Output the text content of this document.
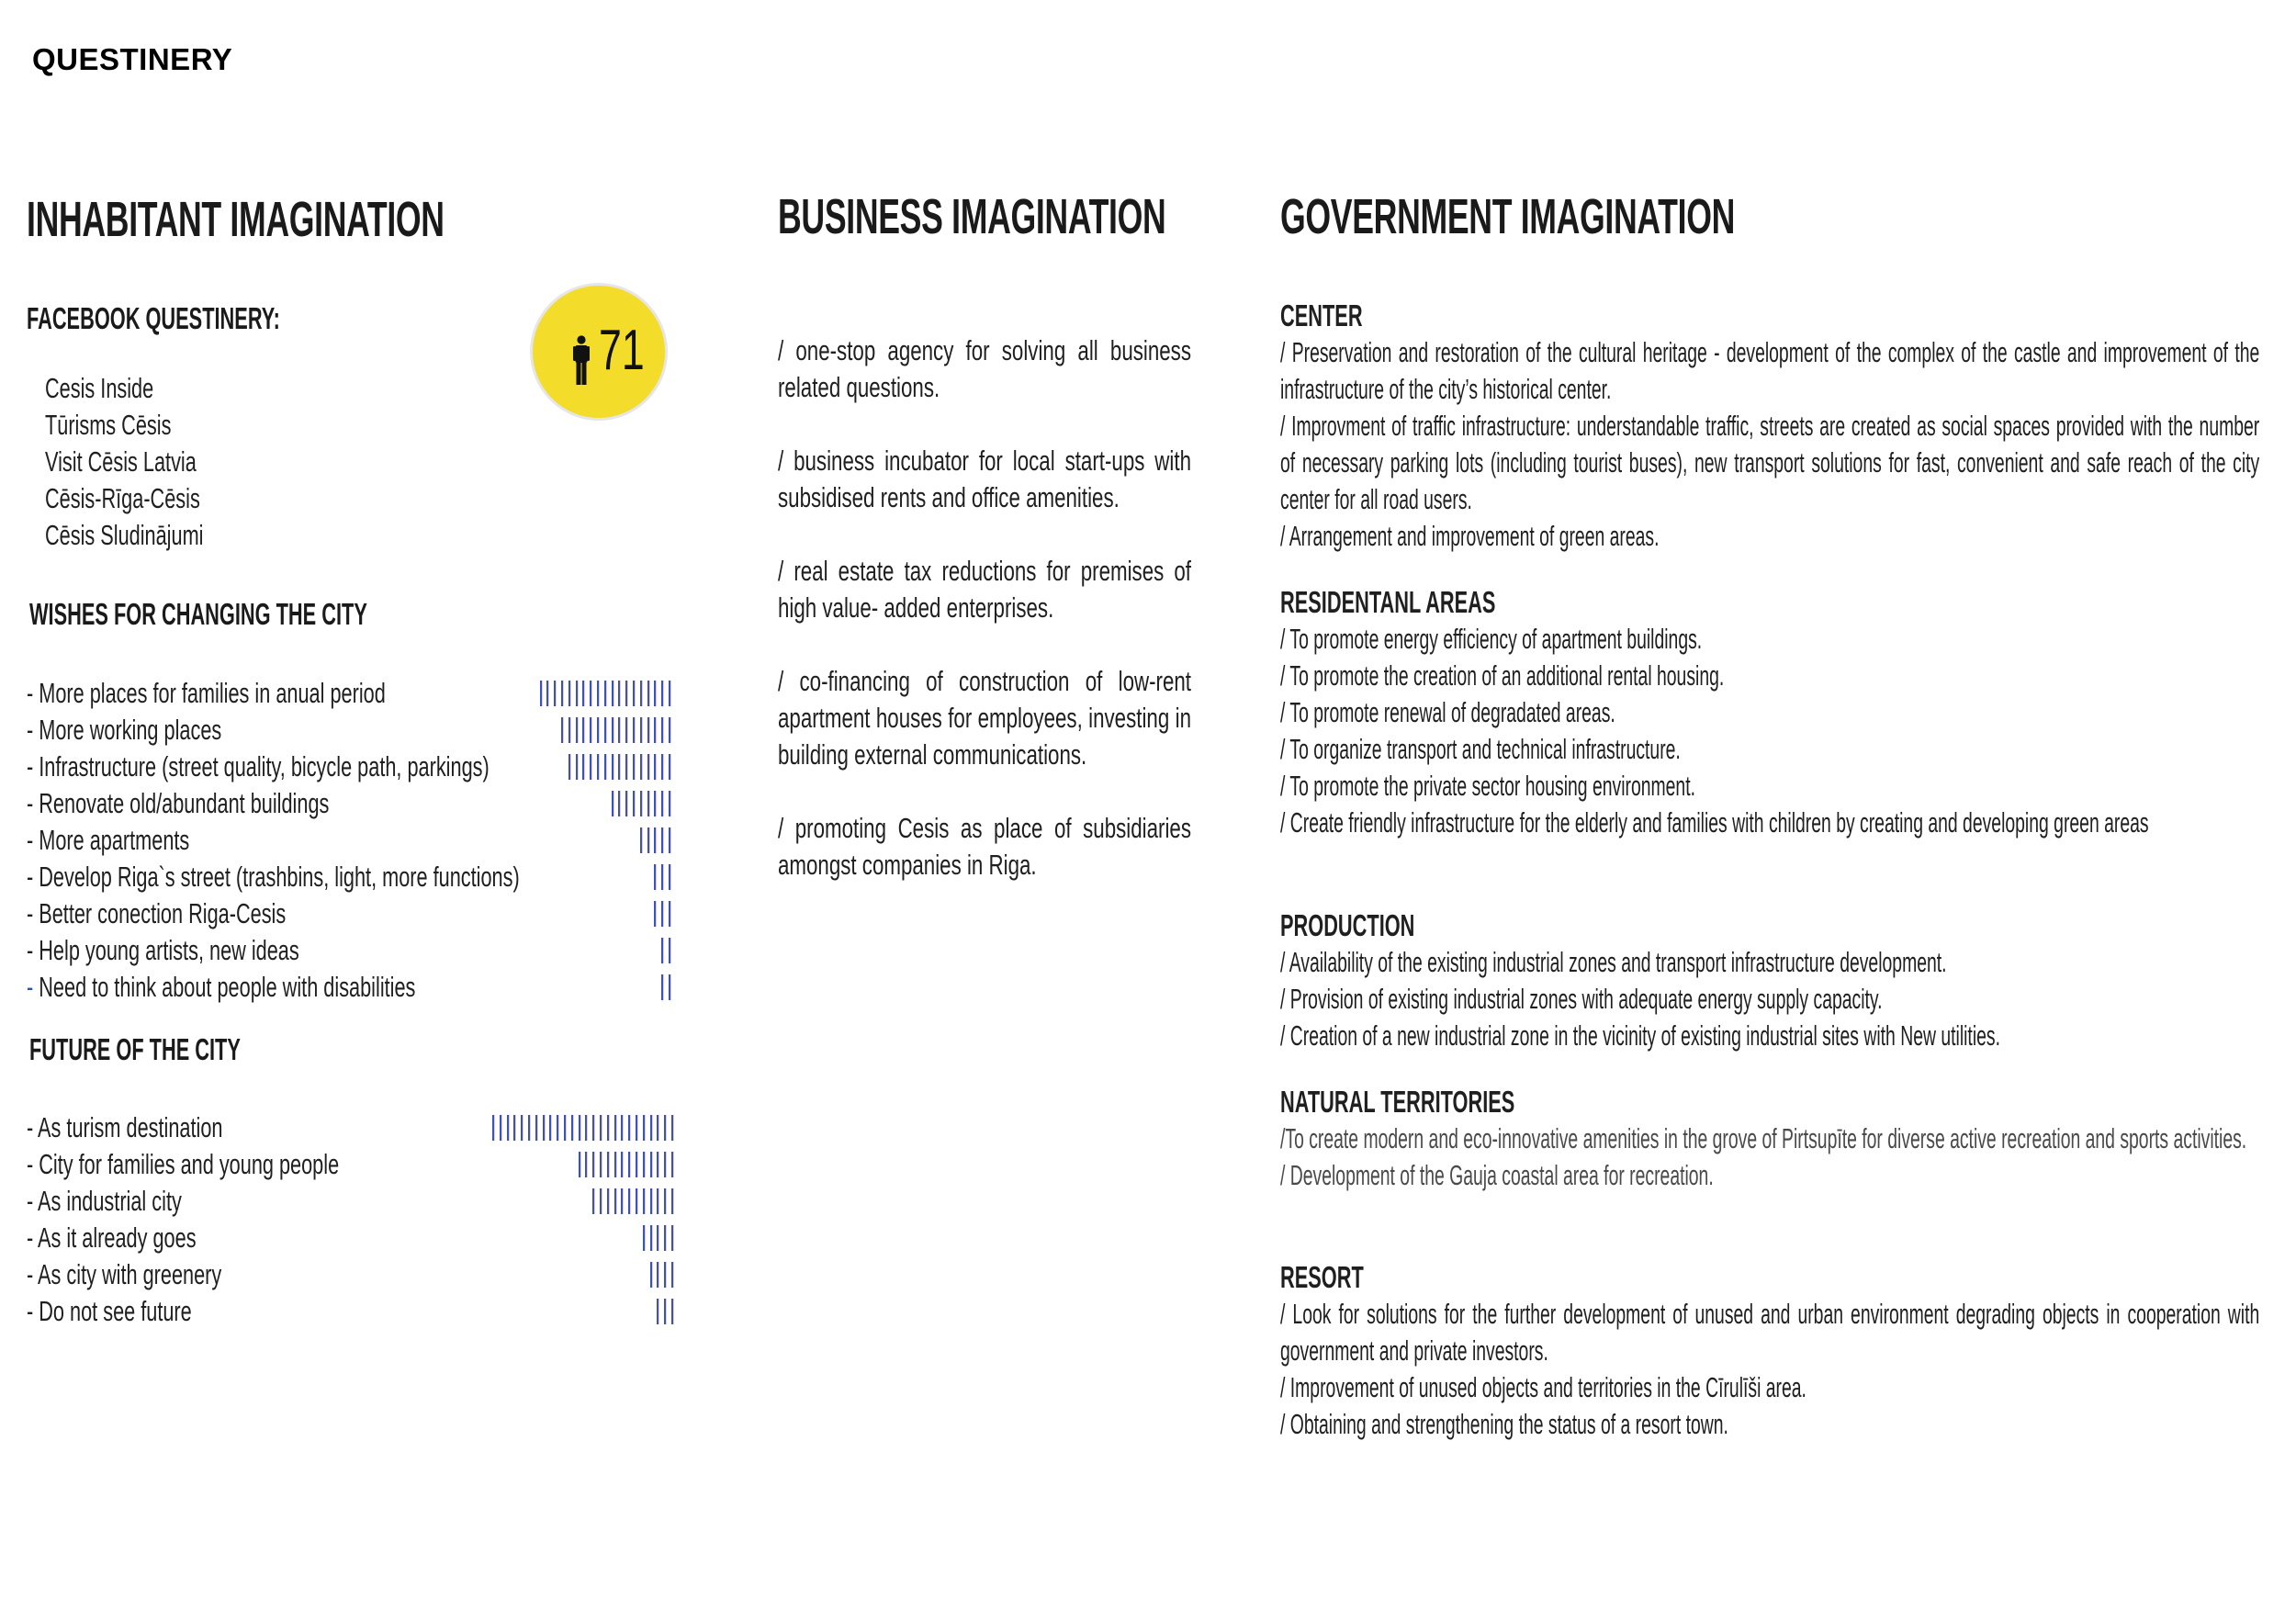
QUESTINERY
INHABITANT IMAGINATION
FACEBOOK QUESTINERY:
Cesis Inside
Tūrisms Cēsis
Visit Cēsis Latvia
Cēsis-Rīga-Cēsis
Cēsis Sludinājumi
71
WISHES FOR CHANGING THE CITY
- More places for families in anual period
- More working places
- Infrastructure (street quality, bicycle path, parkings)
- Renovate old/abundant buildings
- More apartments
- Develop Riga`s street (trashbins, light, more functions)
- Better conection Riga-Cesis
- Help young artists, new ideas
- Need to think about people with disabilities
FUTURE OF THE CITY
- As turism destination
- City for families and young people
- As industrial city
- As it already goes
- As city with greenery
- Do not see future
BUSINESS IMAGINATION
/ one-stop agency for solving all business related questions.
/ business incubator for local start-ups with subsidised rents and office amenities.
/ real estate tax reductions for premises of high value- added enterprises.
/ co-financing of construction of low-rent apartment houses for employees, investing in building external communications.
/ promoting Cesis as place of subsidiaries amongst companies in Riga.
GOVERNMENT IMAGINATION
CENTER

/ Preservation and restoration of the cultural heritage - development of the complex of the castle and improvement of the infrastructure of the city’s historical center.

/ Improvment of traffic infrastructure: understandable traffic, streets are created as social spaces provided with the number of necessary parking lots (including tourist buses), new transport solutions for fast, convenient and safe reach of the city center for all road users.

/ Arrangement and improvement of green areas.

RESIDENTANL AREAS

/ To promote energy efficiency of apartment buildings.

/ To promote the creation of an additional rental housing.

/ To promote renewal of degradated areas.

/ To organize transport and technical infrastructure.

/ To promote the private sector housing environment.

/ Create friendly infrastructure for the elderly and families with children by creating and developing green areas

PRODUCTION

/ Availability of the existing industrial zones and transport infrastructure development.

/ Provision of existing industrial zones with adequate energy supply capacity.

/ Creation of a new industrial zone in the vicinity of existing industrial sites with New utilities.

NATURAL TERRITORIES

/To create modern and eco-innovative amenities in the grove of Pirtsupīte for diverse active recreation and sports activities.

/ Development of the Gauja coastal area for recreation.

RESORT

/ Look for solutions for the further development of unused and urban environment degrading objects in cooperation with government and private investors.

/ Improvement of unused objects and territories in the Cīrulīši area.

/ Obtaining and strengthening the status of a resort town.
